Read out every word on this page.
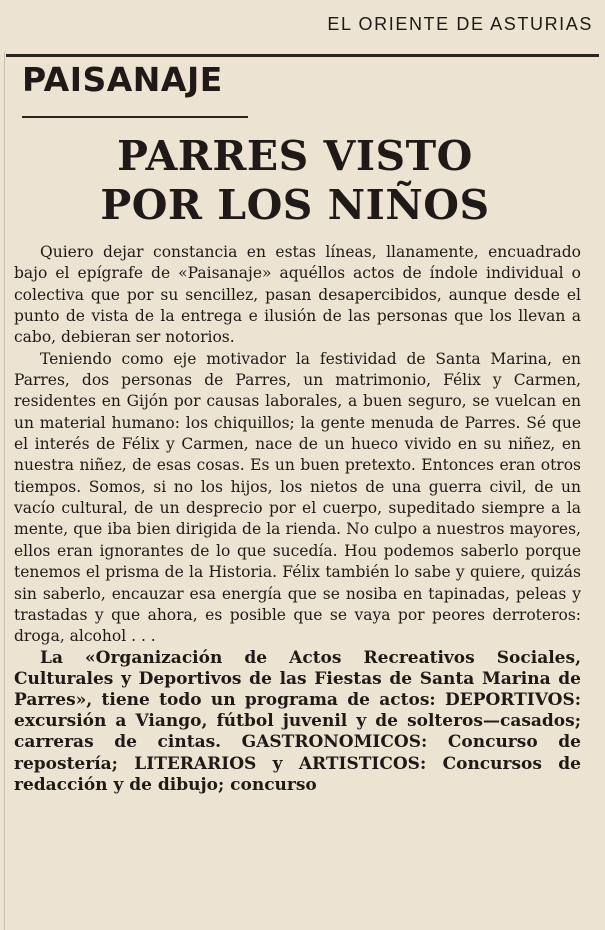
EL ORIENTE DE ASTURIAS
PAISANAJE
PARRES VISTO
POR LOS NIÑOS

Quiero dejar constancia en estas líneas, llanamente, encuadrado bajo el epígrafe de «Paisanaje» aquéllos actos de índole individual o colectiva que por su sencillez, pasan desapercibidos, aunque desde el punto de vista de la entrega e ilusión de las personas que los llevan a cabo, debieran ser notorios.

Teniendo como eje motivador la festividad de Santa Marina, en Parres, dos personas de Parres, un matrimonio, Félix y Carmen, residentes en Gijón por causas laborales, a buen seguro, se vuelcan en un material humano: los chiquillos; la gente menuda de Parres. Sé que el interés de Félix y Carmen, nace de un hueco vivido en su niñez, en nuestra niñez, de esas cosas. Es un buen pretexto. Entonces eran otros tiempos. Somos, si no los hijos, los nietos de una guerra civil, de un vacío cultural, de un desprecio por el cuerpo, supeditado siempre a la mente, que iba bien dirigida de la rienda. No culpo a nuestros mayores, ellos eran ignorantes de lo que sucedía. Hou podemos saberlo porque tenemos el prisma de la Historia. Félix también lo sabe y quiere, quizás sin saberlo, encauzar esa energía que se nosiba en tapinadas, peleas y trastadas y que ahora, es posible que se vaya por peores derroteros: droga, alcohol . . .

La «Organización de Actos Recreativos Sociales, Culturales y Deportivos de las Fiestas de Santa Marina de Parres», tiene todo un programa de actos: DEPORTIVOS: excursión a Viango, fútbol juvenil y de solteros—casados; carreras de cintas. GASTRONOMICOS: Concurso de repostería; LITERARIOS y ARTISTICOS: Concursos de redacción y de dibujo; concurso
